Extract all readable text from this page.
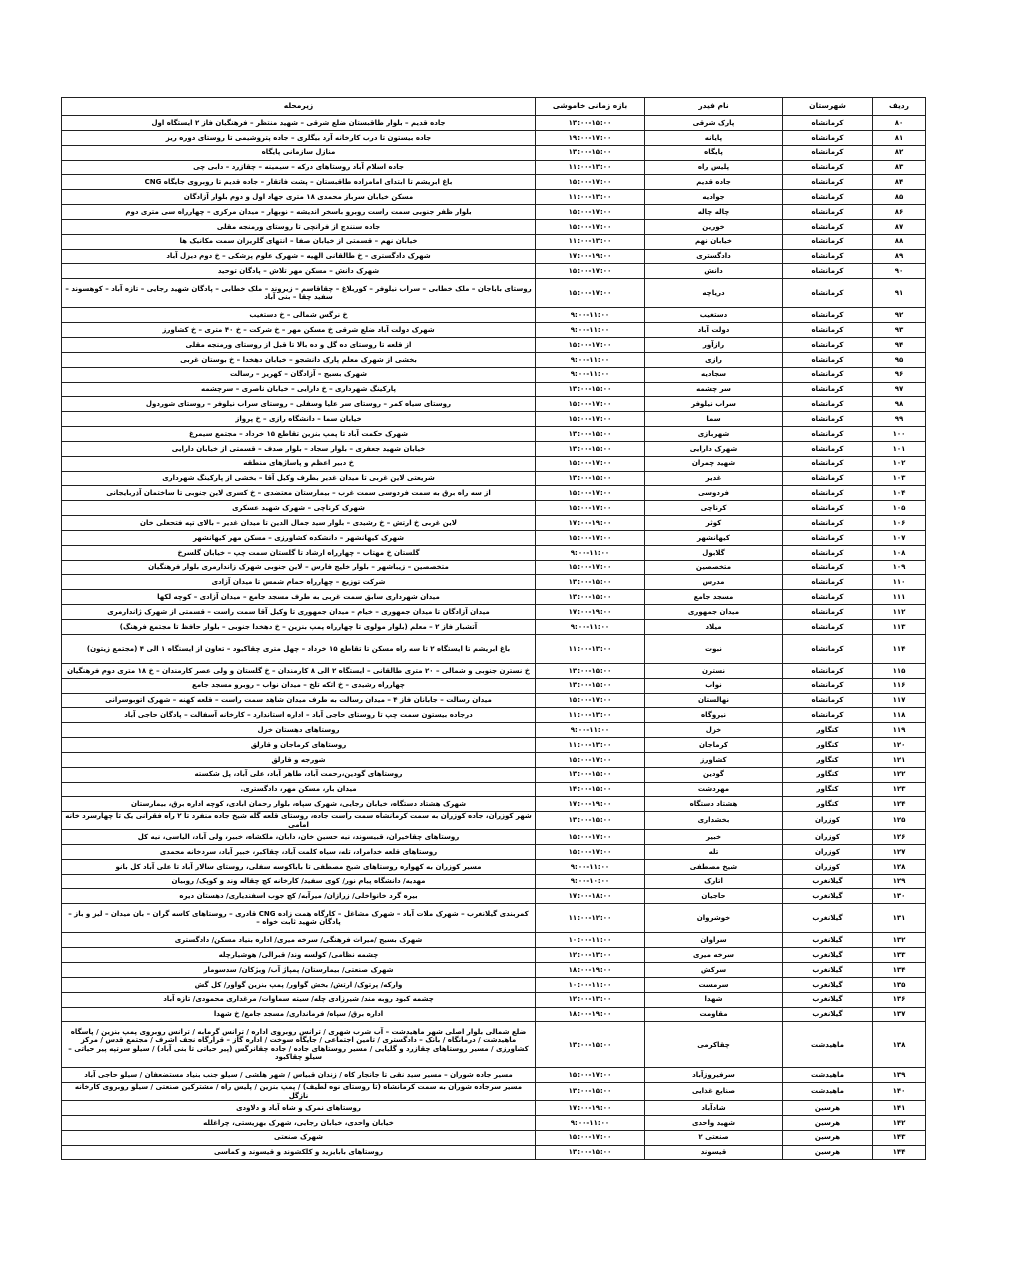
ردیف	شهرستان	نام فیدر	بازه زمانی خاموشی	زیرمحله
۸۰	کرمانشاه	پارک شرقی	۱۳:۰۰-۱۵:۰۰	جاده قدیم – بلوار طاقبستان ضلع شرقی – شهید منتظر – فرهنگیان فاز ۲ ایستگاه اول
۸۱	کرمانشاه	پایانه	۱۹:۰۰-۱۷:۰۰	جاده بیستون تا درب کارخانه آرد بیگلری – جاده پتروشیمی تا روستای دوره ریز
۸۲	کرمانشاه	پایگاه	۱۳:۰۰-۱۵:۰۰	منازل سازمانی پایگاه
۸۳	کرمانشاه	پلیس راه	۱۱:۰۰-۱۳:۰۰	جاده اسلام آباد روستاهای درکه – سیمینه – چقازرد – دابی چی
۸۴	کرمانشاه	جاده قدیم	۱۵:۰۰-۱۷:۰۰	باغ ابریشم تا ابتدای امامزاده طاقبستان – پشت فاتقار – جاده قدیم تا روبروی جایگاه CNG
۸۵	کرمانشاه	جوادیه	۱۱:۰۰-۱۳:۰۰	مسکن خیابان سرباز محمدی ۱۸ متری جهاد اول و دوم بلوار آزادگان
۸۶	کرمانشاه	چاله چاله	۱۵:۰۰-۱۷:۰۰	بلوار ظفر جنوبی سمت راست روبرو باسخر اندیشه – نوبهار – میدان مرکزی – چهارراه سی متری دوم
۸۷	کرمانشاه	خورین	۱۵:۰۰-۱۷:۰۰	جاده سنندج از فرانچی تا روستای ورمنجه مقلی
۸۸	کرمانشاه	خیابان نهم	۱۱:۰۰-۱۳:۰۰	خیابان نهم – قسمتی از خیابان صفا – انتهای گلریزان سمت مکانیک ها
۸۹	کرمانشاه	دادگستری	۱۷:۰۰-۱۹:۰۰	شهرک دادگستری – خ طالقانی الهیه – شهرک علوم پزشکی – خ دوم دیزل آباد
۹۰	کرمانشاه	دانش	۱۵:۰۰-۱۷:۰۰	شهرک دانش – مسکن مهر تلاش – پادگان توحید
۹۱	کرمانشاه	دریاچه	۱۵:۰۰-۱۷:۰۰	روستای باباجان – ملک خطابی – سراب نیلوفر – کوربلاغ – چقاقاسم – زیروند – ملک خطابی – پادگان شهید رجایی – تازه آباد – کوهسوند – سفید چقا – بنی آباد
۹۲	کرمانشاه	دستغیب	۹:۰۰-۱۱:۰۰	خ نرگس شمالی – خ دستغیب
۹۳	کرمانشاه	دولت آباد	۹:۰۰-۱۱:۰۰	شهرک دولت آباد ضلع شرقی خ مسکن مهر – خ شرکت – خ ۴۰ متری – خ کشاورز
۹۴	کرمانشاه	رازآور	۱۵:۰۰-۱۷:۰۰	از قلعه تا روستای ده گل و ده بالا تا قبل از روستای ورمنجه مقلی
۹۵	کرمانشاه	رازی	۹:۰۰-۱۱:۰۰	بخشی از شهرک معلم پارک دانشجو – خیابان دهخدا – خ بوستان غربی
۹۶	کرمانشاه	سجادیه	۹:۰۰-۱۱:۰۰	شهرک بسیج – آزادگان – کهریز – رسالت
۹۷	کرمانشاه	سر چشمه	۱۳:۰۰-۱۵:۰۰	پارکینگ شهرداری – خ دارایی – خیابان ناصری – سرچشمه
۹۸	کرمانشاه	سراب نیلوفر	۱۵:۰۰-۱۷:۰۰	روستای سیاه کمر – روستای سر علیا وسفلی – روستای سراب نیلوفر – روستای شوردول
۹۹	کرمانشاه	سما	۱۵:۰۰-۱۷:۰۰	خیابان سما – دانشگاه رازی – خ پرواز
۱۰۰	کرمانشاه	شهربازی	۱۳:۰۰-۱۵:۰۰	شهرک حکمت آباد تا پمپ بنزین تقاطع ۱۵ خرداد – مجتمع سیمرغ
۱۰۱	کرمانشاه	شهرک دارایی	۱۳:۰۰-۱۵:۰۰	خیابان شهید جعفری – بلوار سجاد – بلوار صدف – قسمتی از خیابان دارایی
۱۰۲	کرمانشاه	شهید چمران	۱۵:۰۰-۱۷:۰۰	خ دبیر اعظم و پاساژهای منطقه
۱۰۳	کرمانشاه	غدیر	۱۳:۰۰-۱۵:۰۰	شریعتی لاین غربی تا میدان غدیر بطرف وکیل آقا – بخشی از پارکینگ شهرداری
۱۰۴	کرمانشاه	فردوسی	۱۵:۰۰-۱۷:۰۰	از سه راه برق به سمت فردوسی سمت غرب – بیمارستان معتضدی – خ کسری لاین جنوبی تا ساختمان آذربایجانی
۱۰۵	کرمانشاه	کرناچی	۱۵:۰۰-۱۷:۰۰	شهرک کرناچی – شهرک شهید عسکری
۱۰۶	کرمانشاه	کوثر	۱۷:۰۰-۱۹:۰۰	لاین غربی خ ارتش – خ رشیدی – بلوار سید جمال الدین تا میدان غدیر – بالای تپه فتحعلی خان
۱۰۷	کرمانشاه	کیهانشهر	۱۵:۰۰-۱۷:۰۰	شهرک کیهانشهر – دانشکده کشاورزی – مسکن مهر کیهانشهر
۱۰۸	کرمانشاه	گلابول	۹:۰۰-۱۱:۰۰	گلستان خ مهتاب – چهارراه ارشاد تا گلستان سمت چپ – خیابان گلسرخ
۱۰۹	کرمانشاه	متخصصین	۱۵:۰۰-۱۷:۰۰	متخصصین – زیباشهر – بلوار خلیج فارس – لاین جنوبی شهرک زاندارمری بلوار فرهنگیان
۱۱۰	کرمانشاه	مدرس	۱۳:۰۰-۱۵:۰۰	شرکت توزیع – چهارراه حمام شمس تا میدان آزادی
۱۱۱	کرمانشاه	مسجد جامع	۱۳:۰۰-۱۵:۰۰	میدان شهرداری سابق سمت غربی به طرف مسجد جامع – میدان آزادی – کوچه لکها
۱۱۲	کرمانشاه	میدان جمهوری	۱۷:۰۰-۱۹:۰۰	میدان آزادگان تا میدان جمهوری – خیام – میدان جمهوری تا وکیل آقا سمت راست – قسمتی از شهرک ژاندارمری
۱۱۳	کرمانشاه	میلاد	۹:۰۰-۱۱:۰۰	آتشبار فاز ۲ – معلم (بلوار مولوی تا چهارراه پمپ بنزین – خ دهخدا جنوبی – بلوار حافظ تا مجتمع فرهنگ)
۱۱۴	کرمانشاه	نبوت	۱۱:۰۰-۱۳:۰۰	باغ ابریشم تا ایستگاه ۲ تا سه راه مسکن تا تقاطع ۱۵ خرداد – چهل متری چقاکبود – تعاون از ایستگاه ۱ الی ۴ (مجتمع زیتون)
۱۱۵	کرمانشاه	نسترن	۱۳:۰۰-۱۵:۰۰	خ نسترن جنوبی و شمالی – ۲۰ متری طالقانی – ایستگاه ۲ الی ۸ کارمندان – خ گلستان و ولی عصر کارمندان – خ ۱۸ متری دوم فرهنگیان
۱۱۶	کرمانشاه	نواب	۱۳:۰۰-۱۵:۰۰	چهارراه رشیدی – خ اتکه تلخ – میدان نواب – روبرو مسجد جامع
۱۱۷	کرمانشاه	نهالستان	۱۵:۰۰-۱۷:۰۰	میدان رسالت – جابانان فاز ۴ – میدان رسالت به طرف میدان شاهد سمت راست – قلعه کهنه – شهرک اتوبوسرانی
۱۱۸	کرمانشاه	نیروگاه	۱۱:۰۰-۱۳:۰۰	درجاده بیستون سمت چپ تا روستای حاجی آباد – اداره استاندارد – کارخانه آسفالت – پادگان حاجی آباد
۱۱۹	کنگاور	خزل	۹:۰۰-۱۱:۰۰	روستاهای دهستان خزل
۱۲۰	کنگاور	کرماجان	۱۱:۰۰-۱۳:۰۰	روستاهای کرماجان و قارلق
۱۲۱	کنگاور	کشاورز	۱۵:۰۰-۱۷:۰۰	شورجه و قارلق
۱۲۲	کنگاور	گودین	۱۳:۰۰-۱۵:۰۰	روستاهای گودین،رحمت آباد، طاهر آباد، علی آباد، پل شکسته
۱۲۳	کنگاور	مهردشت	۱۴:۰۰-۱۵:۰۰	میدان بار، مسکن مهر، دادگستری.
۱۲۴	کنگاور	هشتاد دستگاه	۱۷:۰۰-۱۹:۰۰	شهرک هشتاد دستگاه، خیابان رجایی، شهرک سپاه، بلوار رحمان ابادی، کوچه اداره برق، بیمارستان
۱۲۵	کوزران	بخشداری	۱۳:۰۰-۱۵:۰۰	شهر کوزران، جاده کوزران به سمت کرمانشاه سمت راست جاده، روستای قلعه گله شیخ جاده منفرد تا ۲ راه فقرانی یک تا چهارسرد خانه امامی
۱۲۶	کوزران	خبیر	۱۵:۰۰-۱۷:۰۰	روستاهای چقاخیران، قبیسوند، نیه حسین خان، دابان، ملکشاه، خبیر، ولی آباد، الیاسی، نیه کل
۱۲۷	کوزران	تله	۱۵:۰۰-۱۷:۰۰	روستاهای قلعه خدامراد، تله، سیاه کلمت آباد، چقاکبر، خبیر آباد، سردخانه محمدی
۱۲۸	کوزران	شیخ مصطفی	۹:۰۰-۱۱:۰۰	مسیر کوزران به کهواره روستاهای شیخ مصطفی تا باباکوسه سفلی، روستای سالار آباد تا علی آباد کل بانو
۱۲۹	گیلانغرب	اتارک	۹:۰۰-۱۰:۰۰	مهدیه/ دانشگاه پیام نور/ کوی سفید/ کارخانه کچ چقاله وند و کوپک/ روبیان
۱۳۰	گیلانغرب	حاجیان	۱۷:۰۰-۱۸:۰۰	بیره گرد خانواخلی/ زرازان/ میرآبه/ کچ جوب اسفندیاری/ دهستان دیره
۱۳۱	گیلانغرب	خوشروان	۱۱:۰۰-۱۲:۰۰	کمربندی گیلانغرب – شهرک ملات آباد – شهرک مشاغل – کارگاه همت زاده CNG قادری – روستاهای کاسه گران – بان میدان – لیز و باز – پادگان شهید ثابت خواه –
۱۳۲	گیلانغرب	سراوان	۱۰:۰۰-۱۱:۰۰	شهرک بسیج /میراث فرهنگی/ سرخه میری/ اداره بنیاد مسکن/ دادگستری
۱۳۳	گیلانغرب	سرخه میری	۱۲:۰۰-۱۳:۰۰	چشمه نظامی/ کولسه وند/ قبرالی/ هوشیارچله
۱۳۴	گیلانغرب	سرکش	۱۸:۰۰-۱۹:۰۰	شهرک صنعتی/ بیمارستان/ پمپاژ آب/ ویژکان/ سدسومار
۱۳۵	گیلانغرب	سرمست	۱۰:۰۰-۱۱:۰۰	وارکه/ پرتوک/ ارتش/ بخش گواور/ پمپ بنزین گواور/ کل گش
۱۳۶	گیلانغرب	شهدا	۱۲:۰۰-۱۳:۰۰	چشمه کبود روبه مند/ شیرزادی چله/ سیته سماوات/ مرغداری محمودی/ تازه آباد
۱۳۷	گیلانغرب	مقاومت	۱۸:۰۰-۱۹:۰۰	اداره برق/ سپاه/ فرمانداری/ مسجد جامع/ خ شهدا
۱۳۸	ماهیدشت	چقاکرمی	۱۳:۰۰-۱۵:۰۰	ضلع شمالی بلوار اصلی شهر ماهیدشت – آب شرب شهری / ترانس روبروی اداره / ترانس گرمابه / ترانس روبروی پمپ بنزین / پاسگاه ماهیدشت / درمانگاه / بانک – دادگستری / تامین اجتماعی / جایگاه سوخت / اداره گاز – قرارگاه نجف اشرف / مجتمع قدس / مرکز کشاورزی / مسیر روستاهای چقازرد و گلیایی / مسیر روستاهای جاده / جاده چقانرگس (پیر حیاتی تا بنی آباد) / سیلو سرتپه پیر حیاتی – سیلو چقاکبود
۱۳۹	ماهیدشت	سرفیروزآباد	۱۵:۰۰-۱۷:۰۰	مسیر جاده شوران – مسیر سید نقی تا جانجار کاه / زندان قبیاس / شهر هلشی / سیلو جنب بنیاد مستضعفان / سیلو حاجی آباد
۱۴۰	ماهیدشت	صنایع غذایی	۱۳:۰۰-۱۵:۰۰	مسیر سرجاده شوران به سمت کرمانشاه (تا روستای نوه لطیف) / پمپ بنزین / پلیس راه / مشترکین صنعتی / سیلو روبروی کارخانه نازگل
۱۴۱	هرسین	شادآباد	۱۷:۰۰-۱۹:۰۰	روستاهای نمرک و شاه آباد و دلاودی
۱۴۲	هرسین	شهید واحدی	۹:۰۰-۱۱:۰۰	خیابان واحدی، خیابان رجایی، شهرک بهزیستی، چراغلله
۱۴۳	هرسین	صنعتی ۲	۱۵:۰۰-۱۷:۰۰	شهرک صنعتی
۱۴۴	هرسین	قیسوند	۱۳:۰۰-۱۵:۰۰	روستاهای بابایزید و کلکشوند و قیسوند و کماسی
